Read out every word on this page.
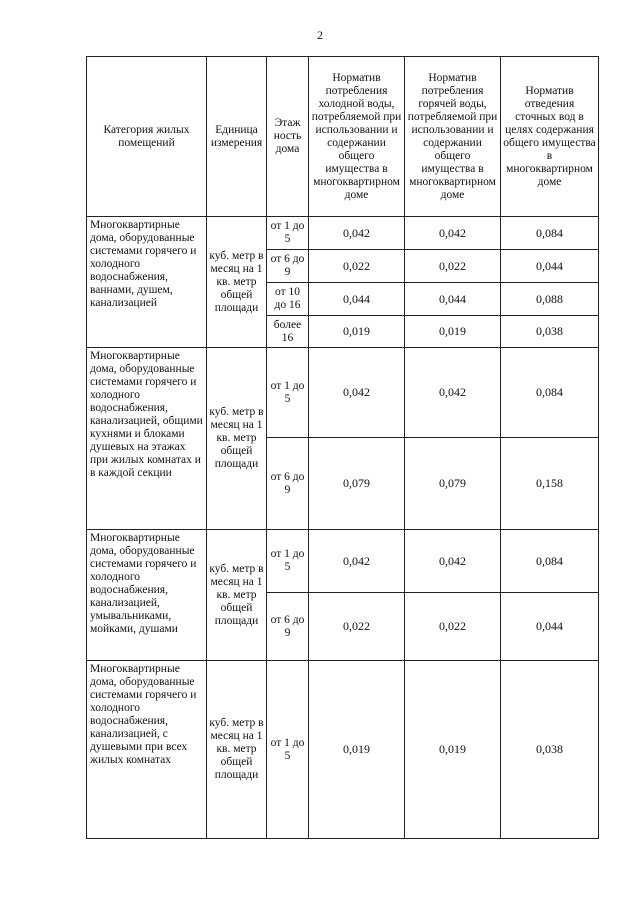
2
Категория жилых помещений	Единица измерения	Этаж ность дома	Норматив потребления холодной воды, потребляемой при использовании и содержании общего имущества в многоквартирном доме	Норматив потребления горячей воды, потребляемой при использовании и содержании общего имущества в многоквартирном доме	Норматив отведения сточных вод в целях содержания общего имущества в многоквартирном доме
Многоквартирные дома, оборудованные системами горячего и холодного водоснабжения, ваннами, душем, канализацией	куб. метр в месяц на 1 кв. метр общей площади	от 1 до 5	0,042	0,042	0,084
		от 6 до 9	0,022	0,022	0,044
		от 10 до 16	0,044	0,044	0,088
		более 16	0,019	0,019	0,038
Многоквартирные дома, оборудованные системами горячего и холодного водоснабжения, канализацией, общими кухнями и блоками душевых на этажах при жилых комнатах и в каждой секции	куб. метр в месяц на 1 кв. метр общей площади	от 1 до 5	0,042	0,042	0,084
		от 6 до 9	0,079	0,079	0,158
Многоквартирные дома, оборудованные системами горячего и холодного водоснабжения, канализацией, умывальниками, мойками, душами	куб. метр в месяц на 1 кв. метр общей площади	от 1 до 5	0,042	0,042	0,084
		от 6 до 9	0,022	0,022	0,044
Многоквартирные дома, оборудованные системами горячего и холодного водоснабжения, канализацией, с душевыми при всех жилых комнатах	куб. метр в месяц на 1 кв. метр общей площади	от 1 до 5	0,019	0,019	0,038
